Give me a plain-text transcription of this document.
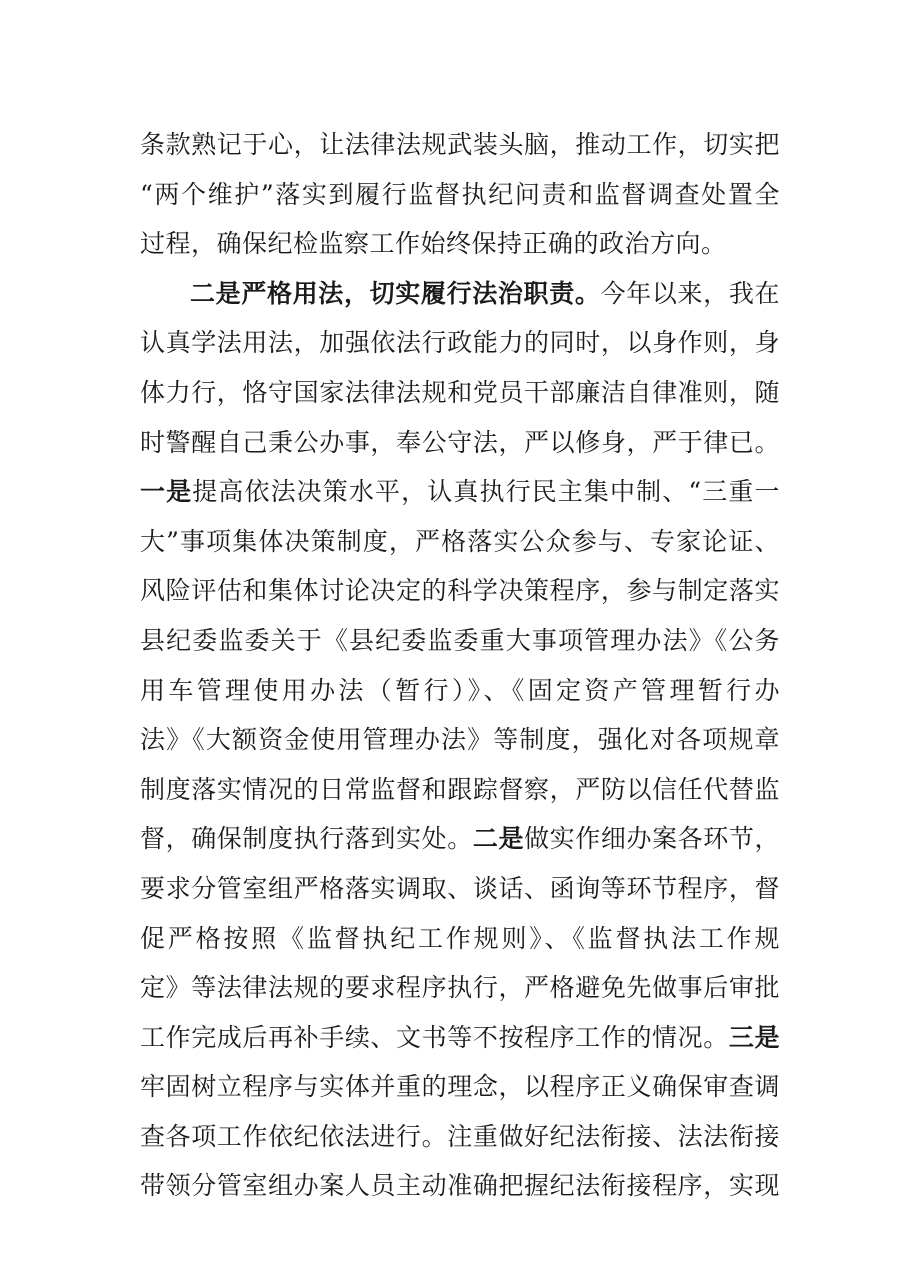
条款熟记于心，让法律法规武装头脑，推动工作，切实把
“两个维护”落实到履行监督执纪问责和监督调查处置全
过程，确保纪检监察工作始终保持正确的政治方向。
二是严格用法，切实履行法治职责。今年以来，我在
认真学法用法，加强依法行政能力的同时，以身作则，身
体力行，恪守国家法律法规和党员干部廉洁自律准则，随
时警醒自己秉公办事，奉公守法，严以修身，严于律已。
一是提高依法决策水平，认真执行民主集中制、“三重一
大”事项集体决策制度，严格落实公众参与、专家论证、
风险评估和集体讨论决定的科学决策程序，参与制定落实
县纪委监委关于《县纪委监委重大事项管理办法》《公务
用车管理使用办法（暂行）》、《固定资产管理暂行办
法》《大额资金使用管理办法》等制度，强化对各项规章
制度落实情况的日常监督和跟踪督察，严防以信任代替监
督，确保制度执行落到实处。二是做实作细办案各环节，
要求分管室组严格落实调取、谈话、函询等环节程序，督
促严格按照《监督执纪工作规则》、《监督执法工作规
定》等法律法规的要求程序执行，严格避免先做事后审批
工作完成后再补手续、文书等不按程序工作的情况。三是
牢固树立程序与实体并重的理念，以程序正义确保审查调
查各项工作依纪依法进行。注重做好纪法衔接、法法衔接
带领分管室组办案人员主动准确把握纪法衔接程序，实现
